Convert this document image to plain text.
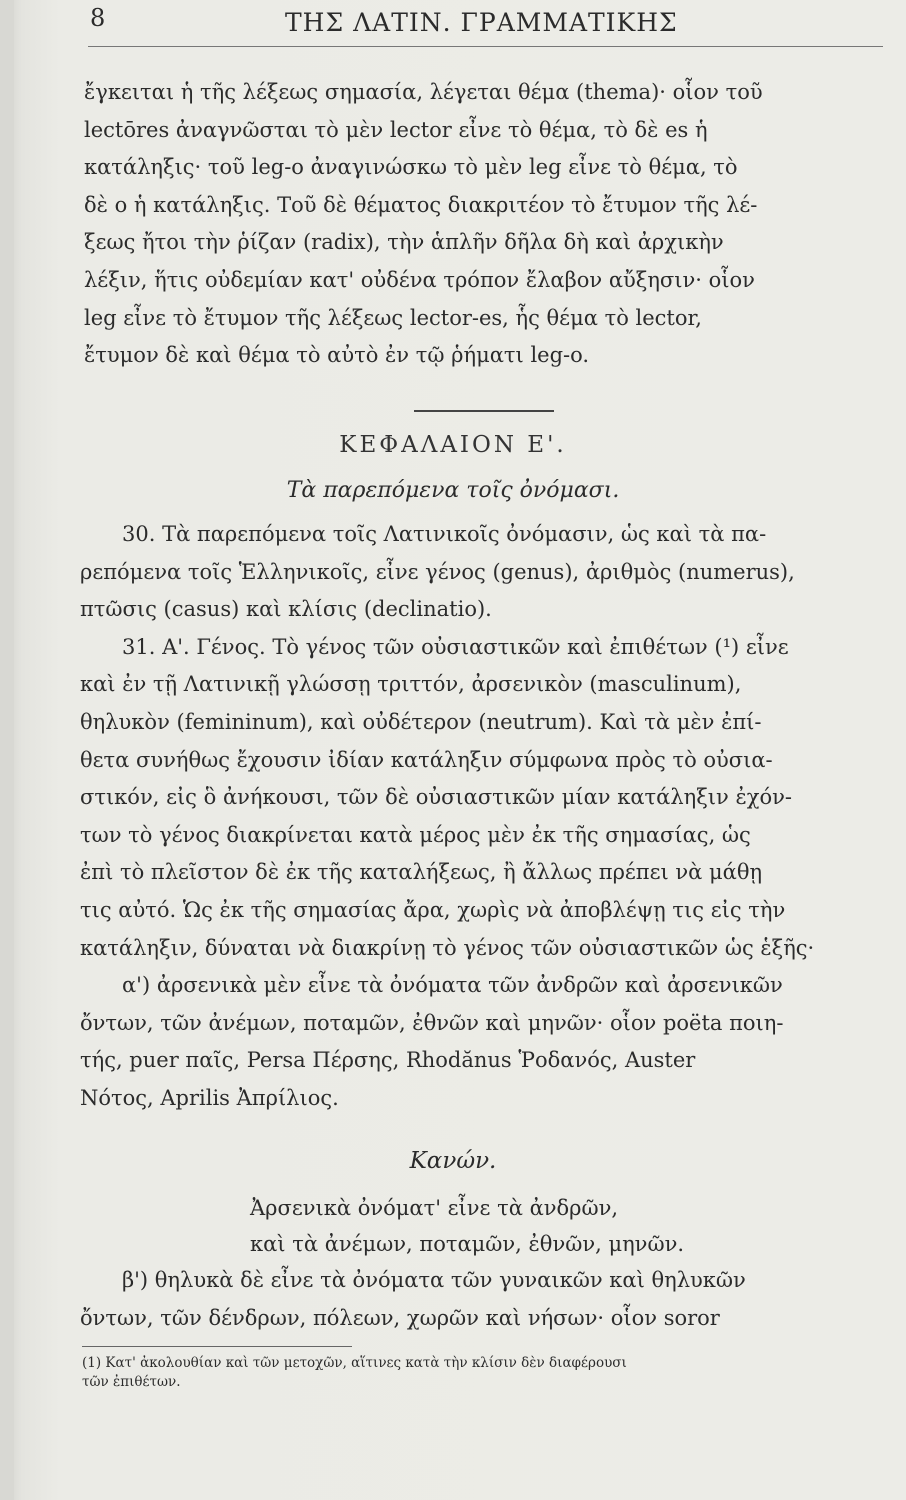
8	ΤΗΣ ΛΑΤΙΝ. ΓΡΑΜΜΑΤΙΚΗΣ
ἔγκειται ἡ τῆς λέξεως σημασία, λέγεται θέμα (thema)· οἷον τοῦ
lectōres ἀναγνῶσται τὸ μὲν lector εἶνε τὸ θέμα, τὸ δὲ es ἡ
κατάληξις· τοῦ leg-o ἀναγινώσκω τὸ μὲν leg εἶνε τὸ θέμα, τὸ
δὲ o ἡ κατάληξις. Τοῦ δὲ θέματος διακριτέον τὸ ἔτυμον τῆς λέ-
ξεως ἤτοι τὴν ῥίζαν (radix), τὴν ἁπλῆν δῆλα δὴ καὶ ἀρχικὴν
λέξιν, ἥτις οὐδεμίαν κατ' οὐδένα τρόπον ἔλαβον αὔξησιν· οἷον
leg εἶνε τὸ ἔτυμον τῆς λέξεως lector-es, ἧς θέμα τὸ lector,
ἔτυμον δὲ καὶ θέμα τὸ αὐτὸ ἐν τῷ ῥήματι leg-o.
ΚΕΦΑΛΑΙΟΝ Ε'.
Τὰ παρεπόμενα τοῖς ὀνόμασι.
30. Τὰ παρεπόμενα τοῖς Λατινικοῖς ὀνόμασιν, ὡς καὶ τὰ πα-
ρεπόμενα τοῖς Ἑλληνικοῖς, εἶνε γένος (genus), ἀριθμὸς (numerus),
πτῶσις (casus) καὶ κλίσις (declinatio).
31. Α'. Γένος. Τὸ γένος τῶν οὐσιαστικῶν καὶ ἐπιθέτων (¹) εἶνε
καὶ ἐν τῇ Λατινικῇ γλώσσῃ τριττόν, ἀρσενικὸν (masculinum),
θηλυκὸν (femininum), καὶ οὐδέτερον (neutrum). Καὶ τὰ μὲν ἐπί-
θετα συνήθως ἔχουσιν ἰδίαν κατάληξιν σύμφωνα πρὸς τὸ οὐσια-
στικόν, εἰς ὃ ἀνήκουσι, τῶν δὲ οὐσιαστικῶν μίαν κατάληξιν ἐχόν-
των τὸ γένος διακρίνεται κατὰ μέρος μὲν ἐκ τῆς σημασίας, ὡς
ἐπὶ τὸ πλεῖστον δὲ ἐκ τῆς καταλήξεως, ἢ ἄλλως πρέπει νὰ μάθῃ
τις αὐτό. Ὡς ἐκ τῆς σημασίας ἄρα, χωρὶς νὰ ἀποβλέψῃ τις εἰς τὴν
κατάληξιν, δύναται νὰ διακρίνῃ τὸ γένος τῶν οὐσιαστικῶν ὡς ἑξῆς·
α') ἀρσενικὰ μὲν εἶνε τὰ ὀνόματα τῶν ἀνδρῶν καὶ ἀρσενικῶν
ὄντων, τῶν ἀνέμων, ποταμῶν, ἐθνῶν καὶ μηνῶν· οἷον poëta ποιη-
τής, puer παῖς, Persa Πέρσης, Rhodănus Ῥοδανός, Auster
Νότος, Aprilis Ἀπρίλιος.
Κανών.
Ἀρσενικὰ ὀνόματ' εἶνε τὰ ἀνδρῶν,
καὶ τὰ ἀνέμων, ποταμῶν, ἐθνῶν, μηνῶν.
β') θηλυκὰ δὲ εἶνε τὰ ὀνόματα τῶν γυναικῶν καὶ θηλυκῶν
ὄντων, τῶν δένδρων, πόλεων, χωρῶν καὶ νήσων· οἷον soror
(1) Κατ' ἀκολουθίαν καὶ τῶν μετοχῶν, αἵτινες κατὰ τὴν κλίσιν δὲν διαφέρουσι
τῶν ἐπιθέτων.
